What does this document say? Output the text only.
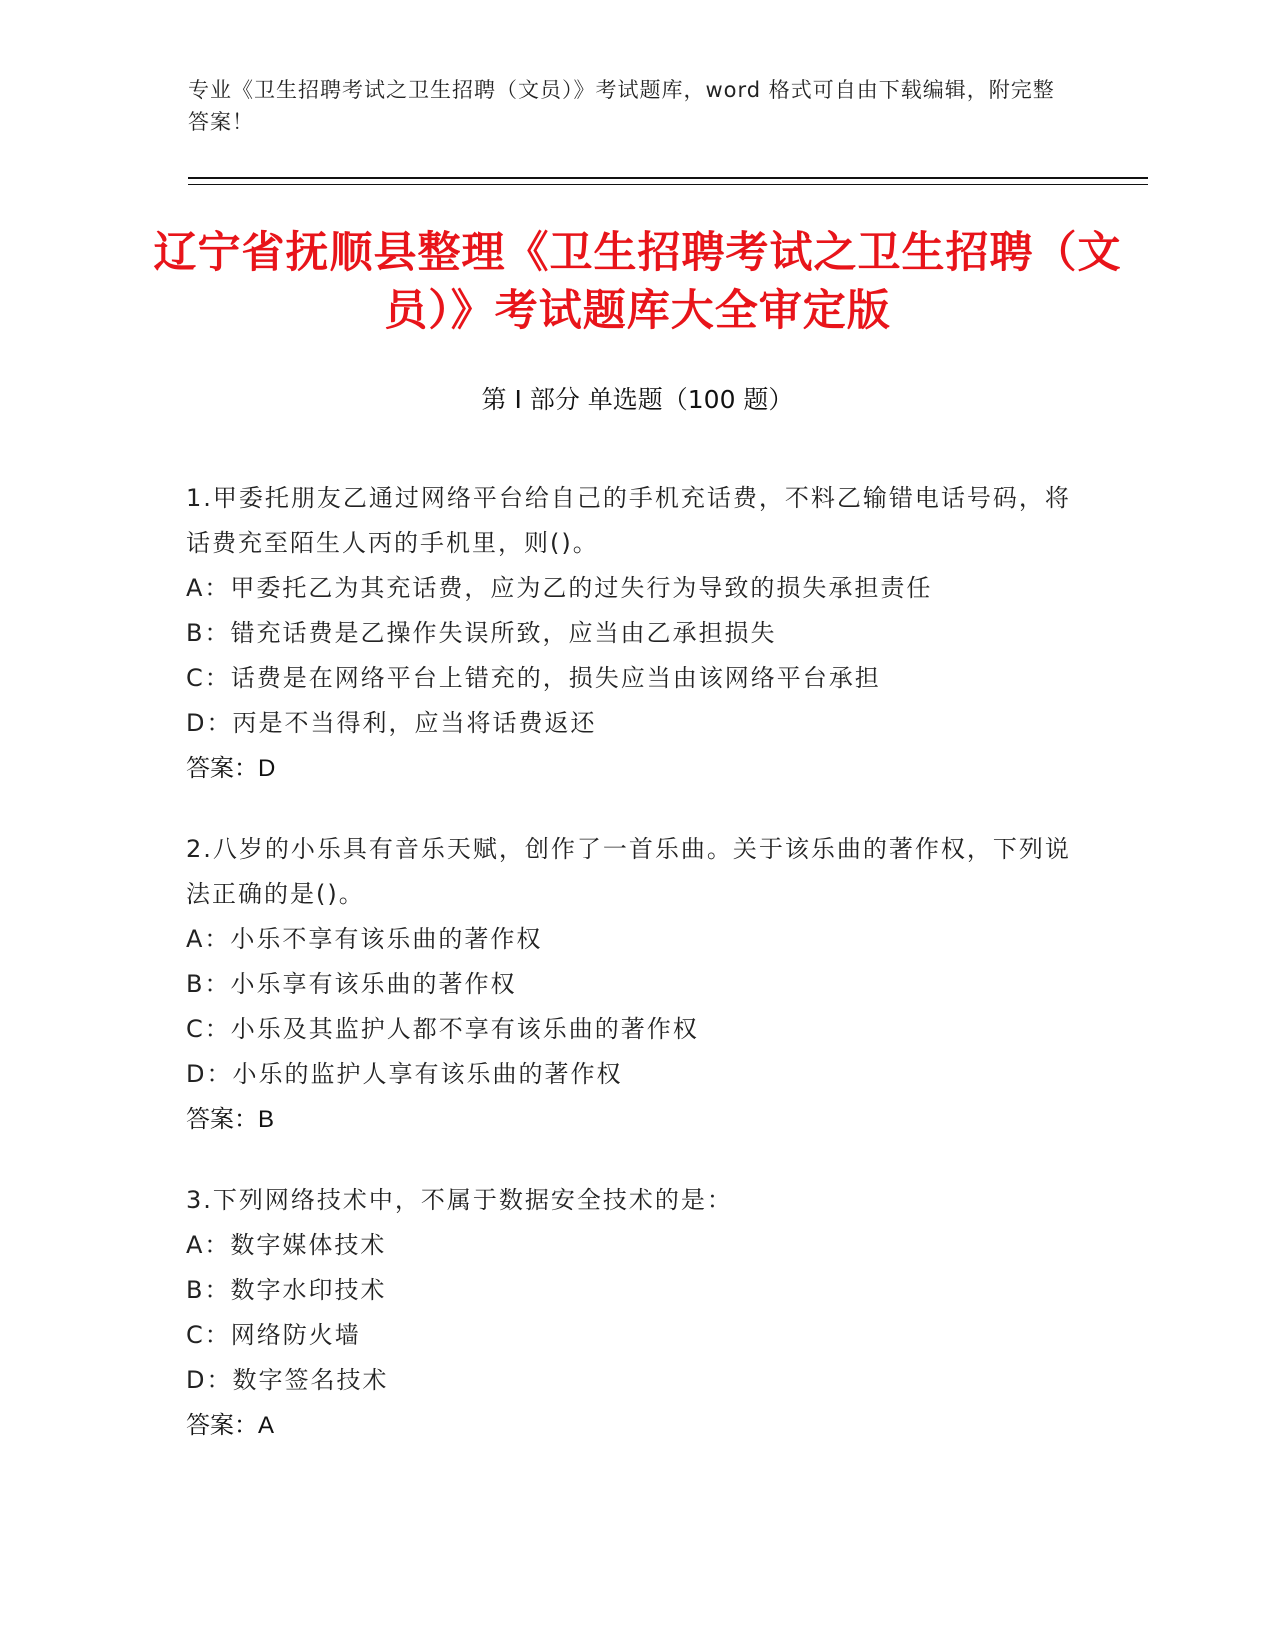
专业《卫生招聘考试之卫生招聘（文员）》考试题库，word 格式可自由下载编辑，附完整答案！
辽宁省抚顺县整理《卫生招聘考试之卫生招聘（文员）》考试题库大全审定版
第 I 部分 单选题（100 题）
1.甲委托朋友乙通过网络平台给自己的手机充话费，不料乙输错电话号码，将话费充至陌生人丙的手机里，则()。
A：甲委托乙为其充话费，应为乙的过失行为导致的损失承担责任
B：错充话费是乙操作失误所致，应当由乙承担损失
C：话费是在网络平台上错充的，损失应当由该网络平台承担
D：丙是不当得利，应当将话费返还
答案：D
2.八岁的小乐具有音乐天赋，创作了一首乐曲。关于该乐曲的著作权，下列说法正确的是()。
A：小乐不享有该乐曲的著作权
B：小乐享有该乐曲的著作权
C：小乐及其监护人都不享有该乐曲的著作权
D：小乐的监护人享有该乐曲的著作权
答案：B
3.下列网络技术中，不属于数据安全技术的是：
A：数字媒体技术
B：数字水印技术
C：网络防火墙
D：数字签名技术
答案：A
